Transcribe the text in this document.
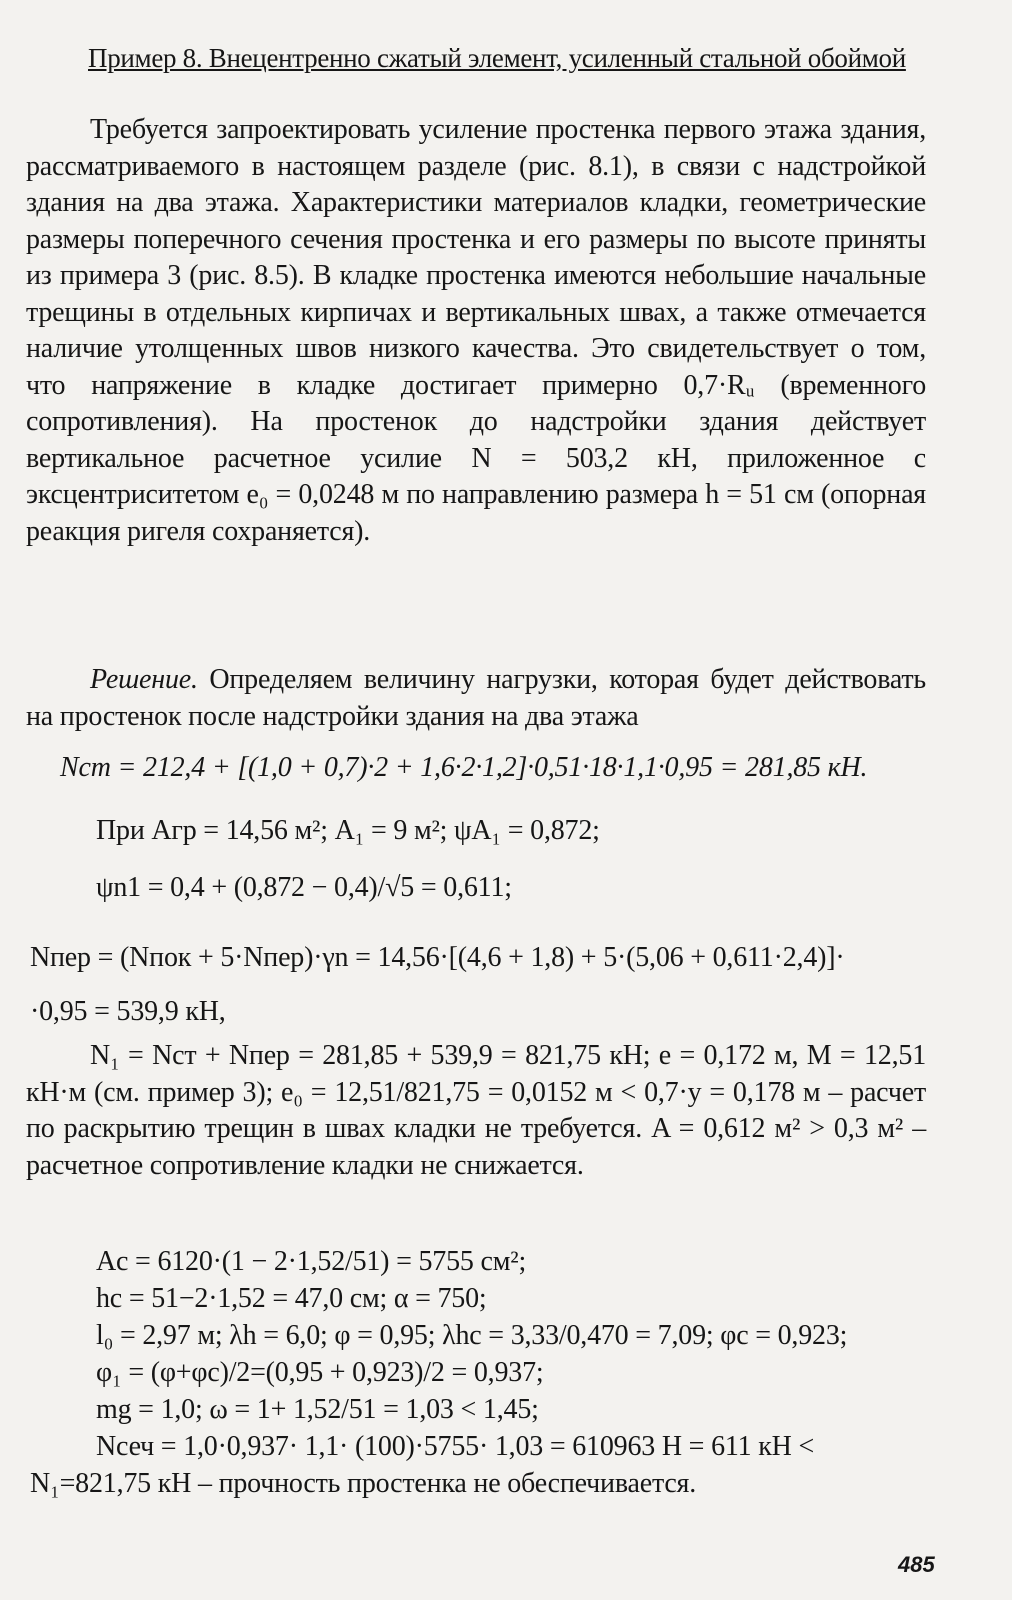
Пример 8. Внецентренно сжатый элемент, усиленный стальной обоймой
Требуется запроектировать усиление простенка первого этажа здания, рассматриваемого в настоящем разделе (рис. 8.1), в связи с надстройкой здания на два этажа. Характеристики материалов кладки, геометрические размеры поперечного сечения простенка и его размеры по высоте приняты из примера 3 (рис. 8.5). В кладке простенка имеются небольшие начальные трещины в отдельных кирпичах и вертикальных швах, а также отмечается наличие утолщенных швов низкого качества. Это свидетельствует о том, что напряжение в кладке достигает примерно 0,7·Rᵤ (временного сопротивления). На простенок до надстройки здания действует вертикальное расчетное усилие N = 503,2 кН, приложенное с эксцентриситетом e₀ = 0,0248 м по направлению размера h = 51 см (опорная реакция ригеля сохраняется).
Решение. Определяем величину нагрузки, которая будет действовать на простенок после надстройки здания на два этажа
Nст = 212,4 + [(1,0 + 0,7)·2 + 1,6·2·1,2]·0,51·18·1,1·0,95 = 281,85 кН.
При Aгр = 14,56 м²; A₁ = 9 м²; ψA₁ = 0,872;
ψn1 = 0,4 + (0,872 − 0,4)/√5 = 0,611;
Nпер = (Nпок + 5·Nпер)·γn = 14,56·[(4,6 + 1,8) + 5·(5,06 + 0,611·2,4)]·
·0,95 = 539,9 кН,
N₁ = Nст + Nпер = 281,85 + 539,9 = 821,75 кН; e = 0,172 м, M = 12,51 кН·м (см. пример 3); e₀ = 12,51/821,75 = 0,0152 м < 0,7·y = 0,178 м – расчет по раскрытию трещин в швах кладки не требуется. A = 0,612 м² > 0,3 м² – расчетное сопротивление кладки не снижается.
Ac = 6120·(1 − 2·1,52/51) = 5755 см²;
hc = 51−2·1,52 = 47,0 см; α = 750;
l₀ = 2,97 м; λh = 6,0; φ = 0,95; λhc = 3,33/0,470 = 7,09; φc = 0,923;
φ₁ = (φ+φc)/2=(0,95 + 0,923)/2 = 0,937;
mg = 1,0; ω = 1+ 1,52/51 = 1,03 < 1,45;
Nсеч = 1,0·0,937· 1,1· (100)·5755· 1,03 = 610963 Н = 611 кН <
N₁=821,75 кН – прочность простенка не обеспечивается.
485
